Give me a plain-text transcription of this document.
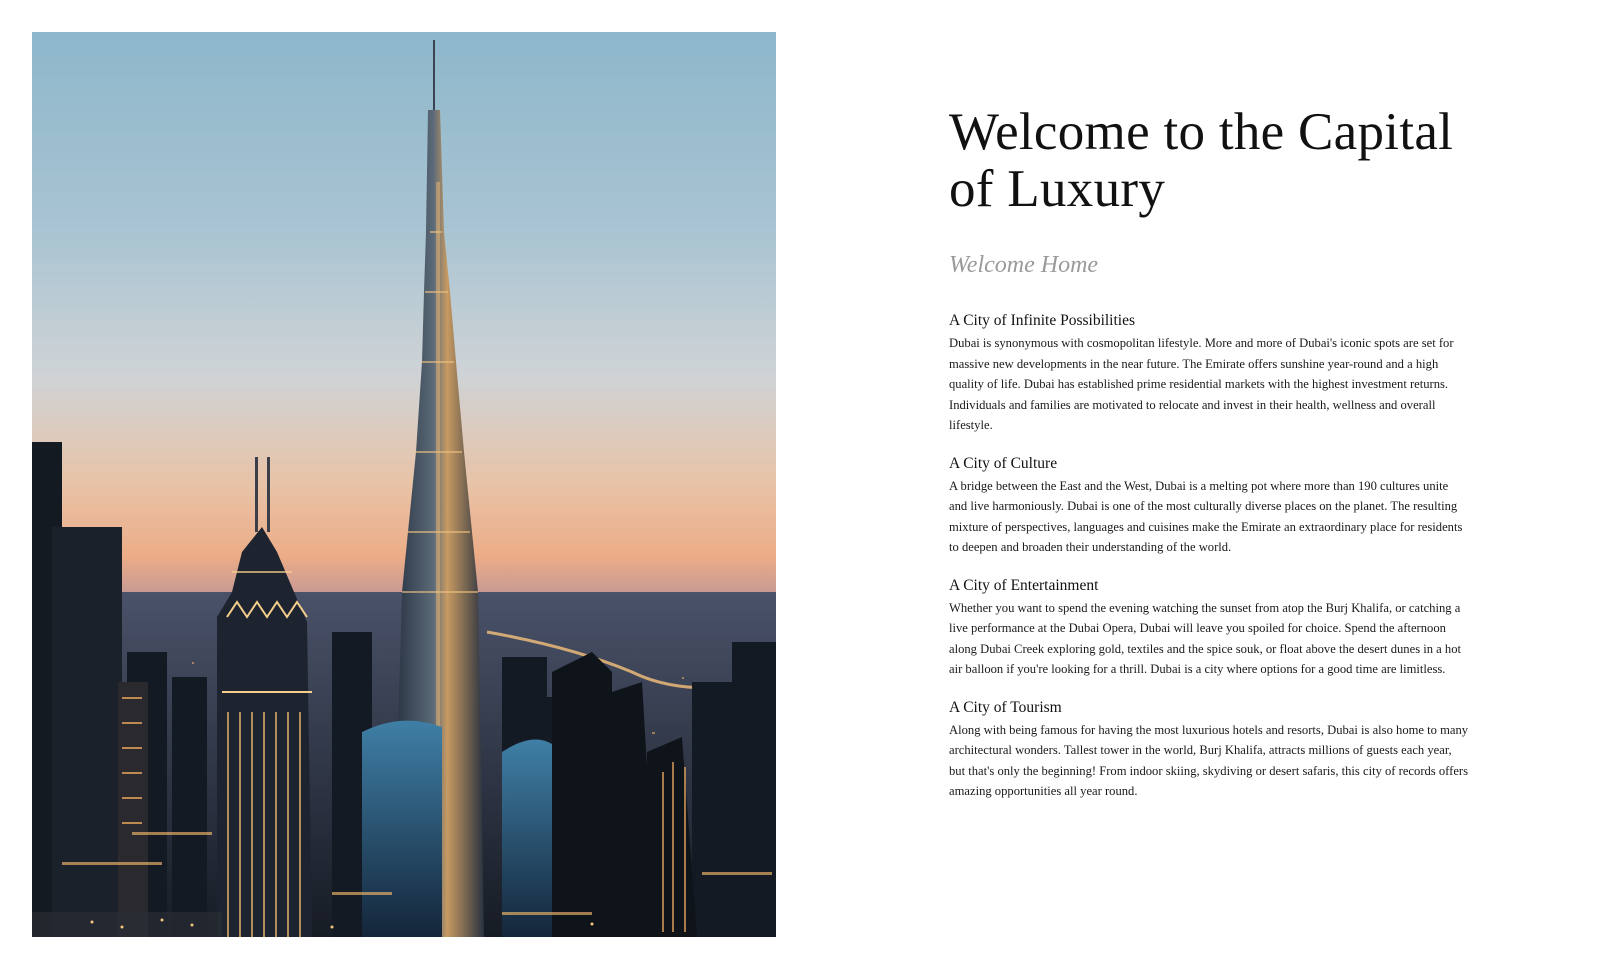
Welcome to the Capital of Luxury
Welcome Home
A City of Infinite Possibilities

Dubai is synonymous with cosmopolitan lifestyle. More and more of Dubai's iconic spots are set for massive new developments in the near future. The Emirate offers sunshine year-round and a high quality of life. Dubai has established prime residential markets with the highest investment returns. Individuals and families are motivated to relocate and invest in their health, wellness and overall lifestyle.

A City of Culture

A bridge between the East and the West, Dubai is a melting pot where more than 190 cultures unite and live harmoniously. Dubai is one of the most culturally diverse places on the planet. The resulting mixture of perspectives, languages and cuisines make the Emirate an extraordinary place for residents to deepen and broaden their understanding of the world.

A City of Entertainment

Whether you want to spend the evening watching the sunset from atop the Burj Khalifa, or catching a live performance at the Dubai Opera, Dubai will leave you spoiled for choice. Spend the afternoon along Dubai Creek exploring gold, textiles and the spice souk, or float above the desert dunes in a hot air balloon if you're looking for a thrill. Dubai is a city where options for a good time are limitless.

A City of Tourism

Along with being famous for having the most luxurious hotels and resorts, Dubai is also home to many architectural wonders. Tallest tower in the world, Burj Khalifa, attracts millions of guests each year, but that's only the beginning! From indoor skiing, skydiving or desert safaris, this city of records offers amazing opportunities all year round.
